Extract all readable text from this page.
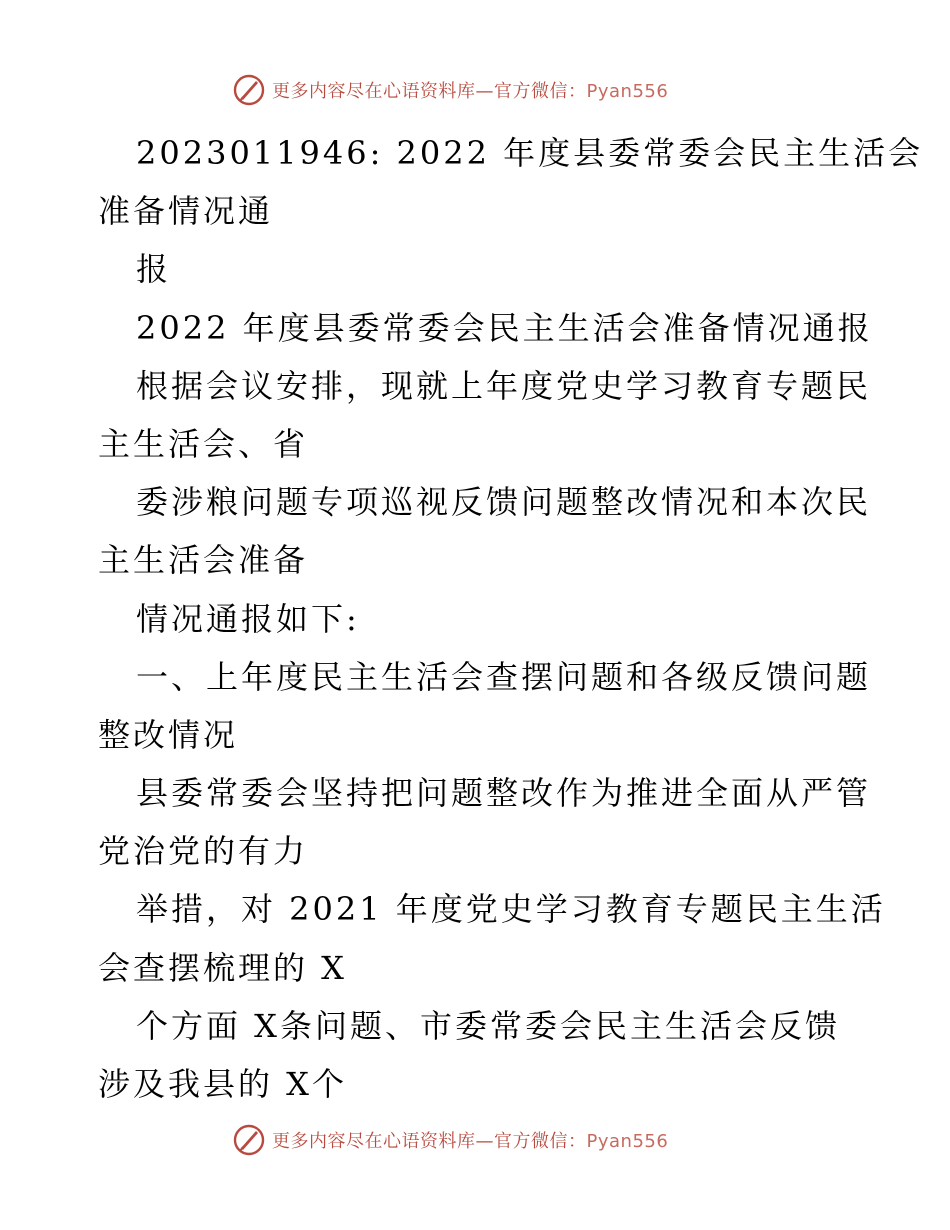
更多内容尽在心语资料库—官方微信：Pyan556
2023011946: 2022 年度县委常委会民主生活会
准备情况通
报
2022 年度县委常委会民主生活会准备情况通报
根据会议安排，现就上年度党史学习教育专题民
主生活会、省
委涉粮问题专项巡视反馈问题整改情况和本次民
主生活会准备
情况通报如下:
一、上年度民主生活会查摆问题和各级反馈问题
整改情况
县委常委会坚持把问题整改作为推进全面从严管
党治党的有力
举措，对 2021 年度党史学习教育专题民主生活
会查摆梳理的 X
个方面 X条问题、市委常委会民主生活会反馈
涉及我县的 X个
更多内容尽在心语资料库—官方微信：Pyan556
